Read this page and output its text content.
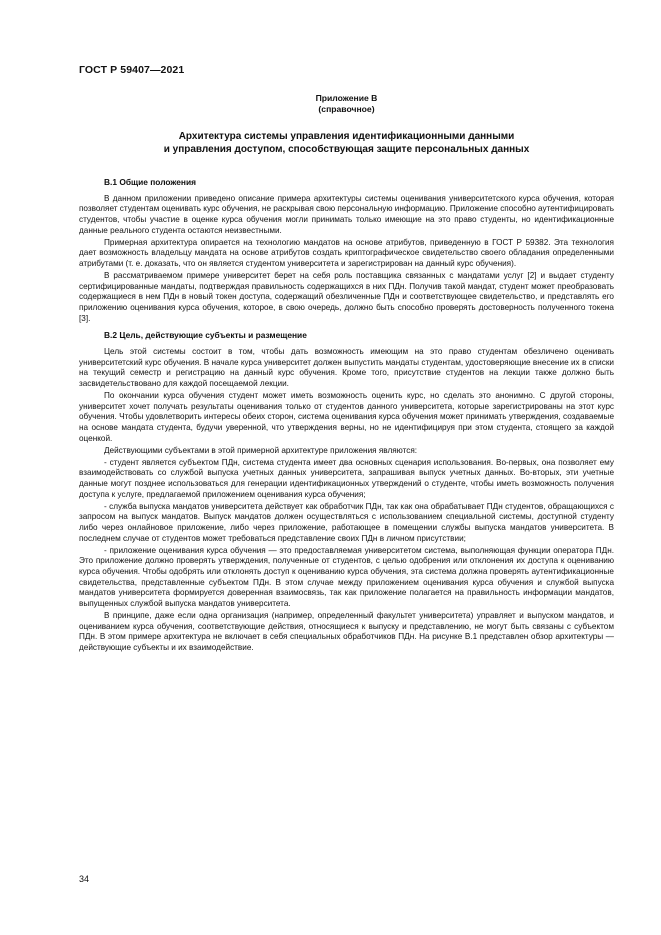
ГОСТ Р 59407—2021
Приложение В
(справочное)
Архитектура системы управления идентификационными данными
и управления доступом, способствующая защите персональных данных
В.1 Общие положения

В данном приложении приведено описание примера архитектуры системы оценивания университетского курса обучения, которая позволяет студентам оценивать курс обучения, не раскрывая свою персональную информацию. Приложение способно аутентифицировать студентов, чтобы участие в оценке курса обучения могли принимать только имеющие на это право студенты, но идентификационные данные реального студента остаются неизвестными.

Примерная архитектура опирается на технологию мандатов на основе атрибутов, приведенную в ГОСТ Р 59382. Эта технология дает возможность владельцу мандата на основе атрибутов создать криптографическое свидетельство своего обладания определенными атрибутами (т. е. доказать, что он является студентом университета и зарегистрирован на данный курс обучения).

В рассматриваемом примере университет берет на себя роль поставщика связанных с мандатами услуг [2] и выдает студенту сертифицированные мандаты, подтверждая правильность содержащихся в них ПДн. Получив такой мандат, студент может преобразовать содержащиеся в нем ПДн в новый токен доступа, содержащий обезличенные ПДн и соответствующее свидетельство, и представлять его приложению оценивания курса обучения, которое, в свою очередь, должно быть способно проверять достоверность полученного токена [3].

В.2 Цель, действующие субъекты и размещение

Цель этой системы состоит в том, чтобы дать возможность имеющим на это право студентам обезличено оценивать университетский курс обучения. В начале курса университет должен выпустить мандаты студентам, удостоверяющие внесение их в списки на текущий семестр и регистрацию на данный курс обучения. Кроме того, присутствие студентов на лекции также должно быть засвидетельствовано для каждой посещаемой лекции.

По окончании курса обучения студент может иметь возможность оценить курс, но сделать это анонимно. С другой стороны, университет хочет получать результаты оценивания только от студентов данного университета, которые зарегистрированы на этот курс обучения. Чтобы удовлетворить интересы обеих сторон, система оценивания курса обучения может принимать утверждения, создаваемые на основе мандата студента, будучи уверенной, что утверждения верны, но не идентифицируя при этом студента, стоящего за каждой оценкой.

Действующими субъектами в этой примерной архитектуре приложения являются:

- студент является субъектом ПДн, система студента имеет два основных сценария использования. Во-первых, она позволяет ему взаимодействовать со службой выпуска учетных данных университета, запрашивая выпуск учетных данных. Во-вторых, эти учетные данные могут позднее использоваться для генерации идентификационных утверждений о студенте, чтобы иметь возможность получения доступа к услуге, предлагаемой приложением оценивания курса обучения;

- служба выпуска мандатов университета действует как обработчик ПДн, так как она обрабатывает ПДн студентов, обращающихся с запросом на выпуск мандатов. Выпуск мандатов должен осуществляться с использованием специальной системы, доступной студенту либо через онлайновое приложение, либо через приложение, работающее в помещении службы выпуска мандатов университета. В последнем случае от студентов может требоваться представление своих ПДн в личном присутствии;

- приложение оценивания курса обучения — это предоставляемая университетом система, выполняющая функции оператора ПДн. Это приложение должно проверять утверждения, полученные от студентов, с целью одобрения или отклонения их доступа к оцениванию курса обучения. Чтобы одобрять или отклонять доступ к оцениванию курса обучения, эта система должна проверять аутентификационные свидетельства, представленные субъектом ПДн. В этом случае между приложением оценивания курса обучения и службой выпуска мандатов университета формируется доверенная взаимосвязь, так как приложение полагается на правильность информации мандатов, выпущенных службой выпуска мандатов университета.

В принципе, даже если одна организация (например, определенный факультет университета) управляет и выпуском мандатов, и оцениванием курса обучения, соответствующие действия, относящиеся к выпуску и представлению, не могут быть связаны с субъектом ПДн. В этом примере архитектура не включает в себя специальных обработчиков ПДн. На рисунке В.1 представлен обзор архитектуры — действующие субъекты и их взаимодействие.

34
